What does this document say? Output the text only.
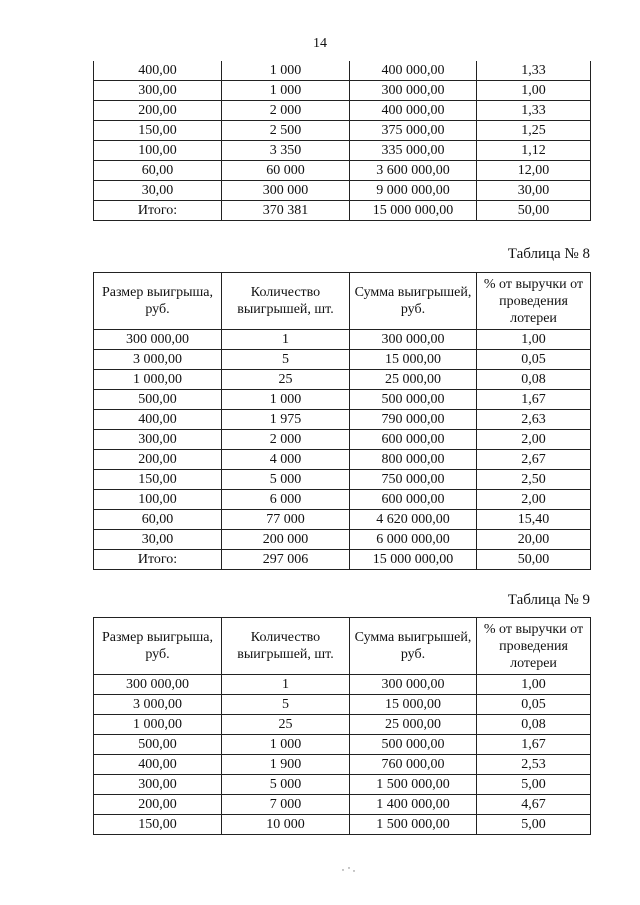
14
400,00	1 000	400 000,00	1,33
300,00	1 000	300 000,00	1,00
200,00	2 000	400 000,00	1,33
150,00	2 500	375 000,00	1,25
100,00	3 350	335 000,00	1,12
60,00	60 000	3 600 000,00	12,00
30,00	300 000	9 000 000,00	30,00
Итого:	370 381	15 000 000,00	50,00
Таблица № 8
Размер выигрыша, руб.	Количество выигрышей, шт.	Сумма выигрышей, руб.	% от выручки от проведения лотереи
300 000,00	1	300 000,00	1,00
3 000,00	5	15 000,00	0,05
1 000,00	25	25 000,00	0,08
500,00	1 000	500 000,00	1,67
400,00	1 975	790 000,00	2,63
300,00	2 000	600 000,00	2,00
200,00	4 000	800 000,00	2,67
150,00	5 000	750 000,00	2,50
100,00	6 000	600 000,00	2,00
60,00	77 000	4 620 000,00	15,40
30,00	200 000	6 000 000,00	20,00
Итого:	297 006	15 000 000,00	50,00
Таблица № 9
Размер выигрыша, руб.	Количество выигрышей, шт.	Сумма выигрышей, руб.	% от выручки от проведения лотереи
300 000,00	1	300 000,00	1,00
3 000,00	5	15 000,00	0,05
1 000,00	25	25 000,00	0,08
500,00	1 000	500 000,00	1,67
400,00	1 900	760 000,00	2,53
300,00	5 000	1 500 000,00	5,00
200,00	7 000	1 400 000,00	4,67
150,00	10 000	1 500 000,00	5,00
